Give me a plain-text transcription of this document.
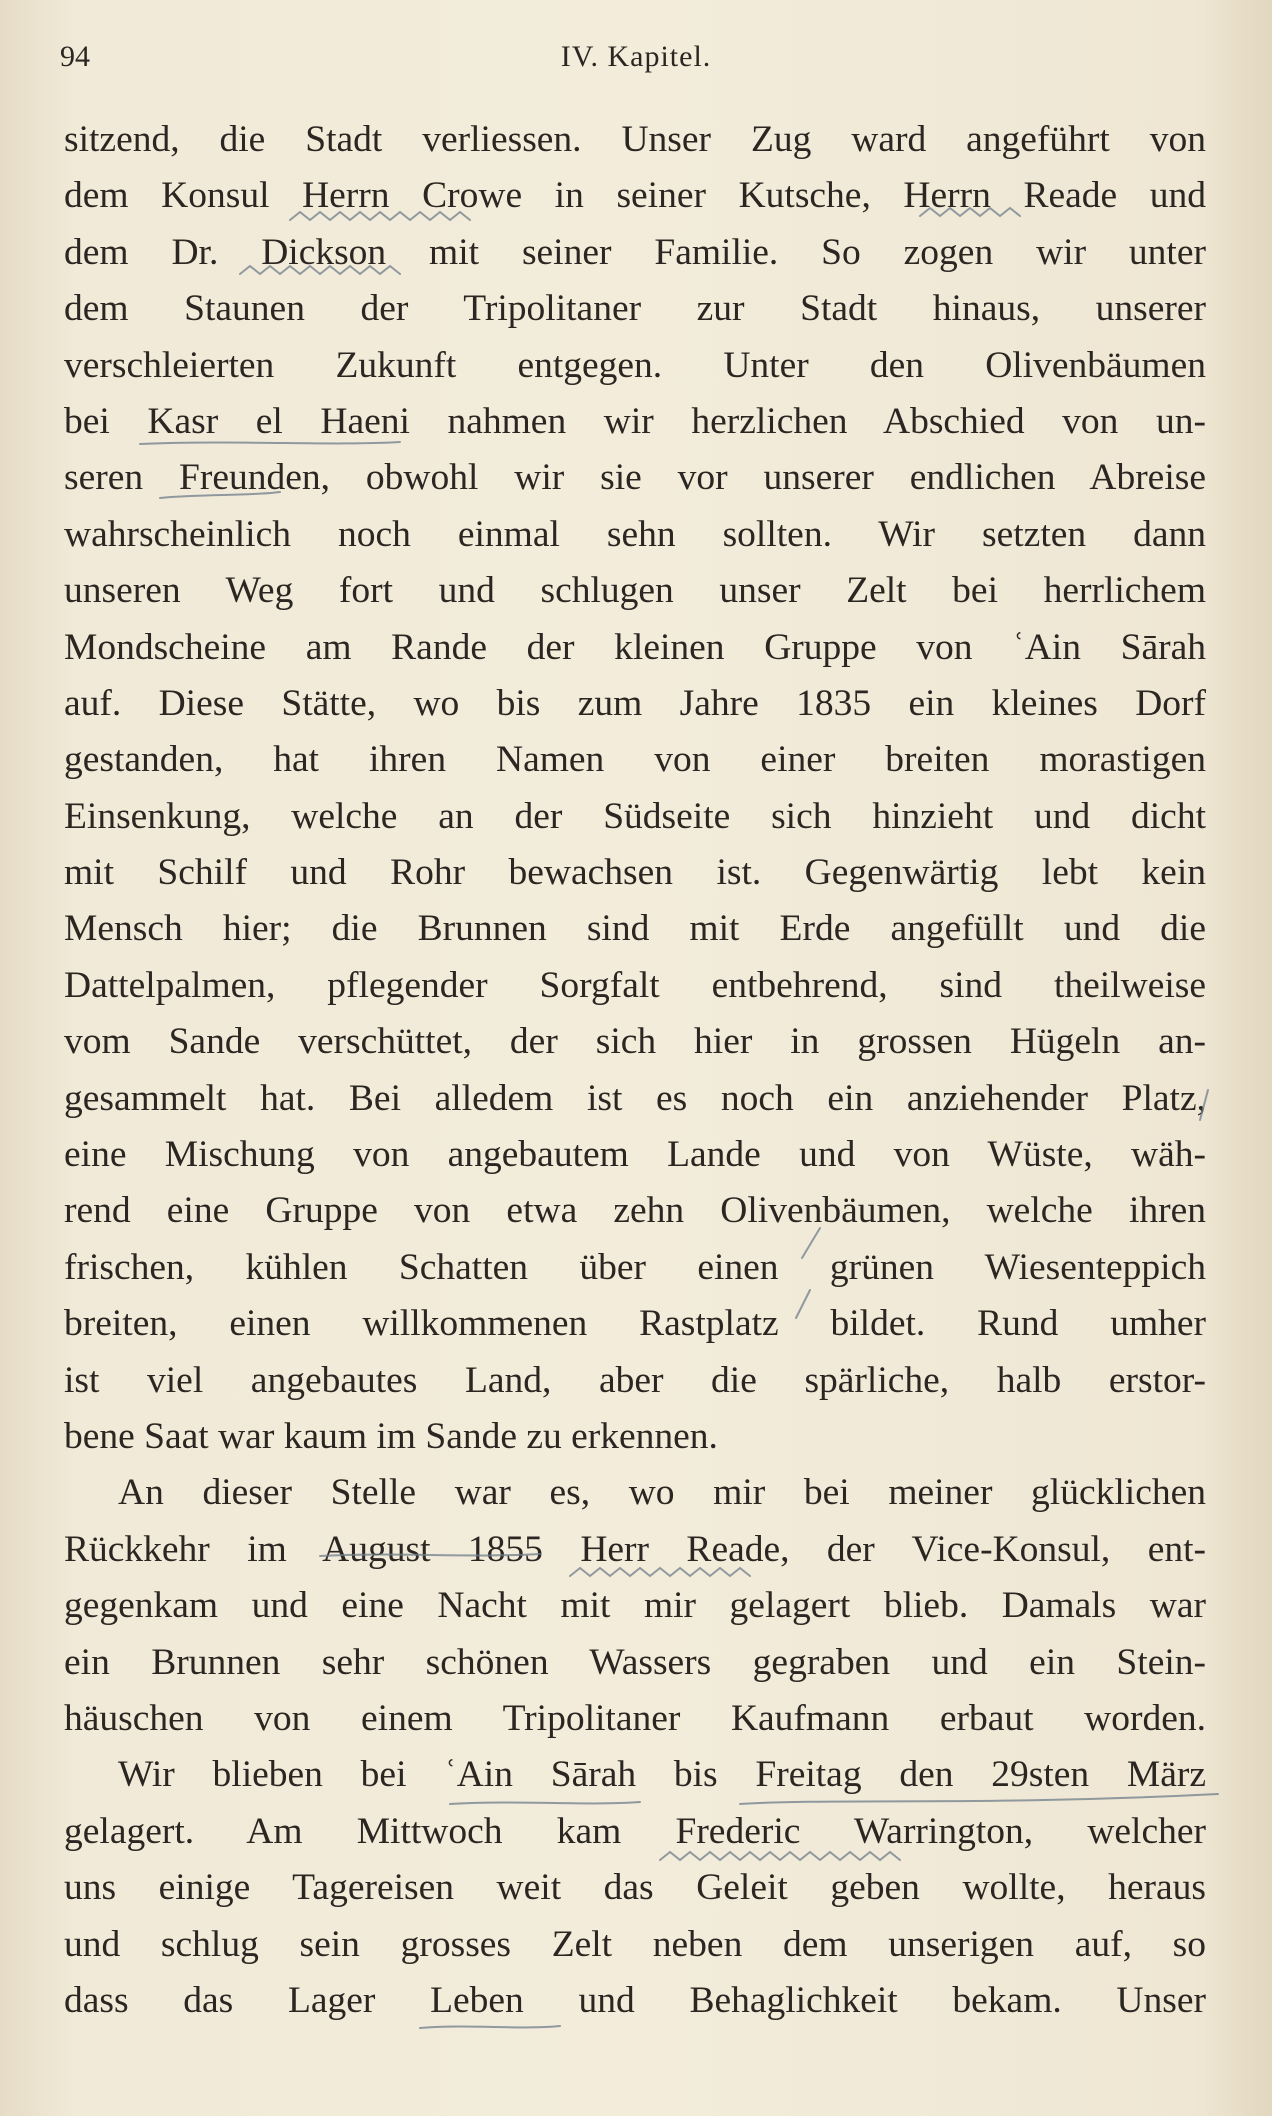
94	IV. Kapitel.
sitzend, die Stadt verliessen. Unser Zug ward angeführt von
dem Konsul Herrn Crowe in seiner Kutsche, Herrn Reade und
dem Dr. Dickson mit seiner Familie. So zogen wir unter
dem Staunen der Tripolitaner zur Stadt hinaus, unserer
verschleierten Zukunft entgegen. Unter den Olivenbäumen
bei Kasr el Haeni nahmen wir herzlichen Abschied von un-
seren Freunden, obwohl wir sie vor unserer endlichen Abreise
wahrscheinlich noch einmal sehn sollten. Wir setzten dann
unseren Weg fort und schlugen unser Zelt bei herrlichem
Mondscheine am Rande der kleinen Gruppe von ʿAin Sārah
auf. Diese Stätte, wo bis zum Jahre 1835 ein kleines Dorf
gestanden, hat ihren Namen von einer breiten morastigen
Einsenkung, welche an der Südseite sich hinzieht und dicht
mit Schilf und Rohr bewachsen ist. Gegenwärtig lebt kein
Mensch hier; die Brunnen sind mit Erde angefüllt und die
Dattelpalmen, pflegender Sorgfalt entbehrend, sind theilweise
vom Sande verschüttet, der sich hier in grossen Hügeln an-
gesammelt hat. Bei alledem ist es noch ein anziehender Platz,
eine Mischung von angebautem Lande und von Wüste, wäh-
rend eine Gruppe von etwa zehn Olivenbäumen, welche ihren
frischen, kühlen Schatten über einen grünen Wiesenteppich
breiten, einen willkommenen Rastplatz bildet. Rund umher
ist viel angebautes Land, aber die spärliche, halb erstor-
bene Saat war kaum im Sande zu erkennen.
An dieser Stelle war es, wo mir bei meiner glücklichen
Rückkehr im August 1855 Herr Reade, der Vice-Konsul, ent-
gegenkam und eine Nacht mit mir gelagert blieb. Damals war
ein Brunnen sehr schönen Wassers gegraben und ein Stein-
häuschen von einem Tripolitaner Kaufmann erbaut worden.
Wir blieben bei ʿAin Sārah bis Freitag den 29sten März
gelagert. Am Mittwoch kam Frederic Warrington, welcher
uns einige Tagereisen weit das Geleit geben wollte, heraus
und schlug sein grosses Zelt neben dem unserigen auf, so
dass das Lager Leben und Behaglichkeit bekam. Unser
